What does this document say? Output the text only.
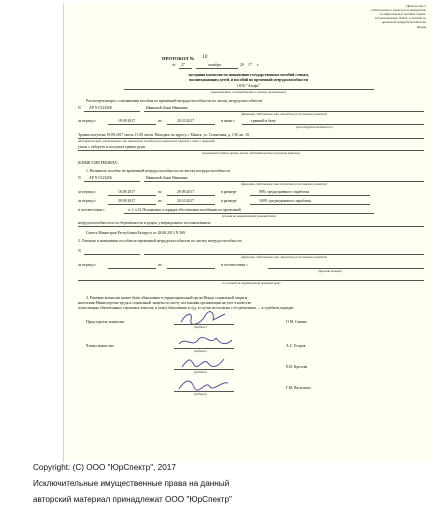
Приложение 2
к Положению о комиссии по назначению
государственных пособий семьям,
воспитывающим детей, и пособий по
временной нетрудоспособности
Форма
ПРОТОКОЛ № 10
от 27	октября	20 17 г.
заседания комиссии по назначению государственных пособий семьям,
воспитывающим детей, и пособий по временной нетрудоспособности
ООО "Альфа"
(наименование государственного органа, организации)
Рассмотрев вопрос о назначении пособия по временной нетрудоспособности по листку нетрудоспособности
N АР N 0123456	Ивановой Анне Ивановне
(фамилия, собственное имя, отчество (если таковое имеется)
за период с	18.09.2017	по	20.10.2017	в связи с	травмой в быту
(вид нетрудоспособности)
Травма получена 18.09.2017 около 11.00 часов. Находясь по адресу г. Минск, ул. Солнечная, д. 130, кв. 10,
обстоятельства, учитываемые при назначении пособия (при назначении пособия в связи с травмой)
упала с табурета и получила травму руки
(указывается дата, время, место, обстоятельства получения травмы)
КОМИССИЯ РЕШИЛА:
1. Назначить пособие по временной нетрудоспособности по листку нетрудоспособности
N АР N 0123456	Ивановой Анне Ивановне
(фамилия, собственное имя, отчество (если таковое имеется)
за период с	18.09.2017	по	29.09.2017	в размере	80% среднедневного заработка
за период с	30.09.2017	по	20.10.2017	в размере	100% среднедневного заработка
в соответствии с	ч. 1 п.16 Положения о порядке обеспечения пособиями по временной
(ссылка на нормативный правовой акт)
нетрудоспособности и по беременности и родам, утвержденного постановлением
Совета Министров Республики Беларусь от 28.06.2013 N 569.
2. Отказать в назначении пособия по временной нетрудоспособности по листку нетрудоспособности
N
(фамилия, собственное имя, отчество (если таковое имеется)
за период с	по	в соответствии с
(причина отказа)
со ссылкой на нормативный правовой акт)
3. Решение комиссии может быть обжаловано в территориальный орган Фонда социальной защиты
населения Министерства труда и социальной защиты по месту постановки организации на учет в качестве
плательщика обязательных страховых взносов, и (или) обжаловано в суд, в случае несогласия с его решением — в судебном порядке.
Председатель комиссии
(подпись)
О.М. Савина
Члены комиссии:
(подпись)
А.С. Егоров
(подпись)
Е.И. Кротова
(подпись)
Г.М. Васильева
Copyright: (С) ООО "ЮрСпектр", 2017
Исключительные имущественные права на данный
авторский материал принадлежат ООО "ЮрСпектр"
